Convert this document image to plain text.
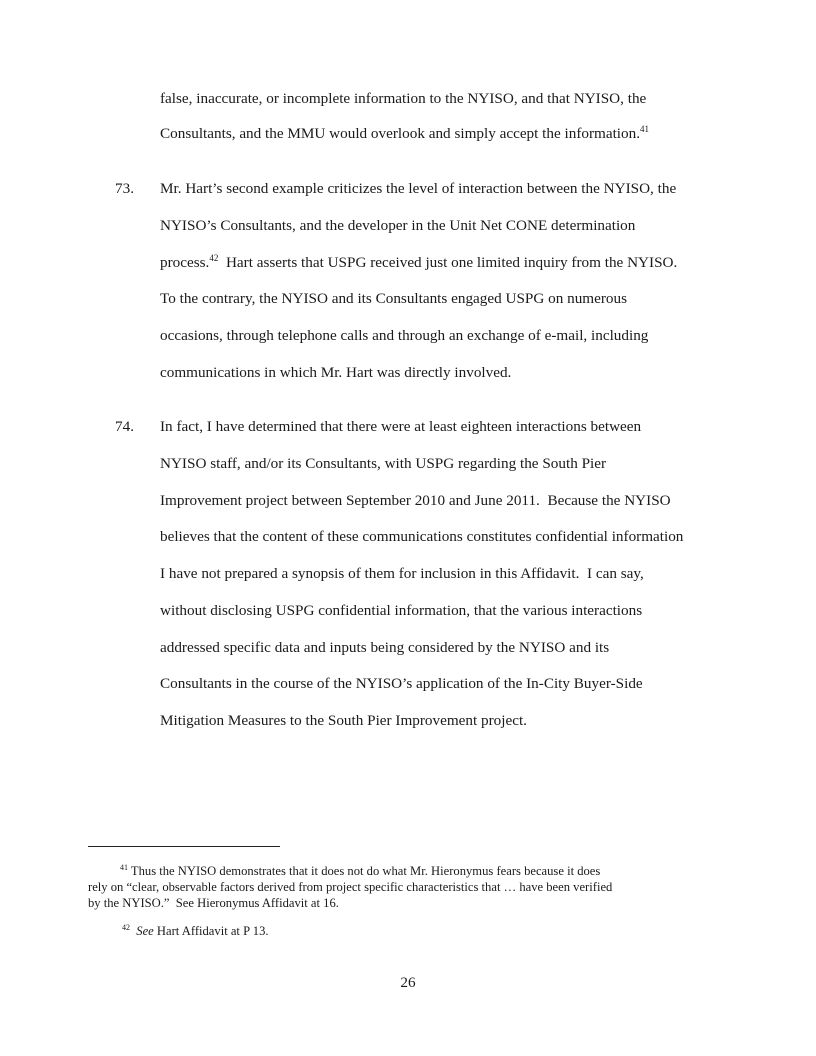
false, inaccurate, or incomplete information to the NYISO, and that NYISO, the
Consultants, and the MMU would overlook and simply accept the information.$^{41}$
73. Mr. Hart’s second example criticizes the level of interaction between the NYISO, the
NYISO’s Consultants, and the developer in the Unit Net CONE determination
process.$^{42}$  Hart asserts that USPG received just one limited inquiry from the NYISO.
To the contrary, the NYISO and its Consultants engaged USPG on numerous
occasions, through telephone calls and through an exchange of e-mail, including
communications in which Mr. Hart was directly involved.
74. In fact, I have determined that there were at least eighteen interactions between
NYISO staff, and/or its Consultants, with USPG regarding the South Pier
Improvement project between September 2010 and June 2011.  Because the NYISO
believes that the content of these communications constitutes confidential information
I have not prepared a synopsis of them for inclusion in this Affidavit.  I can say,
without disclosing USPG confidential information, that the various interactions
addressed specific data and inputs being considered by the NYISO and its
Consultants in the course of the NYISO’s application of the In-City Buyer-Side
Mitigation Measures to the South Pier Improvement project.
$^{41}$ Thus the NYISO demonstrates that it does not do what Mr. Hieronymus fears because it does
rely on “clear, observable factors derived from project specific characteristics that … have been verified
by the NYISO.”  See Hieronymus Affidavit at 16.
$^{42}$ See Hart Affidavit at P 13.
26
